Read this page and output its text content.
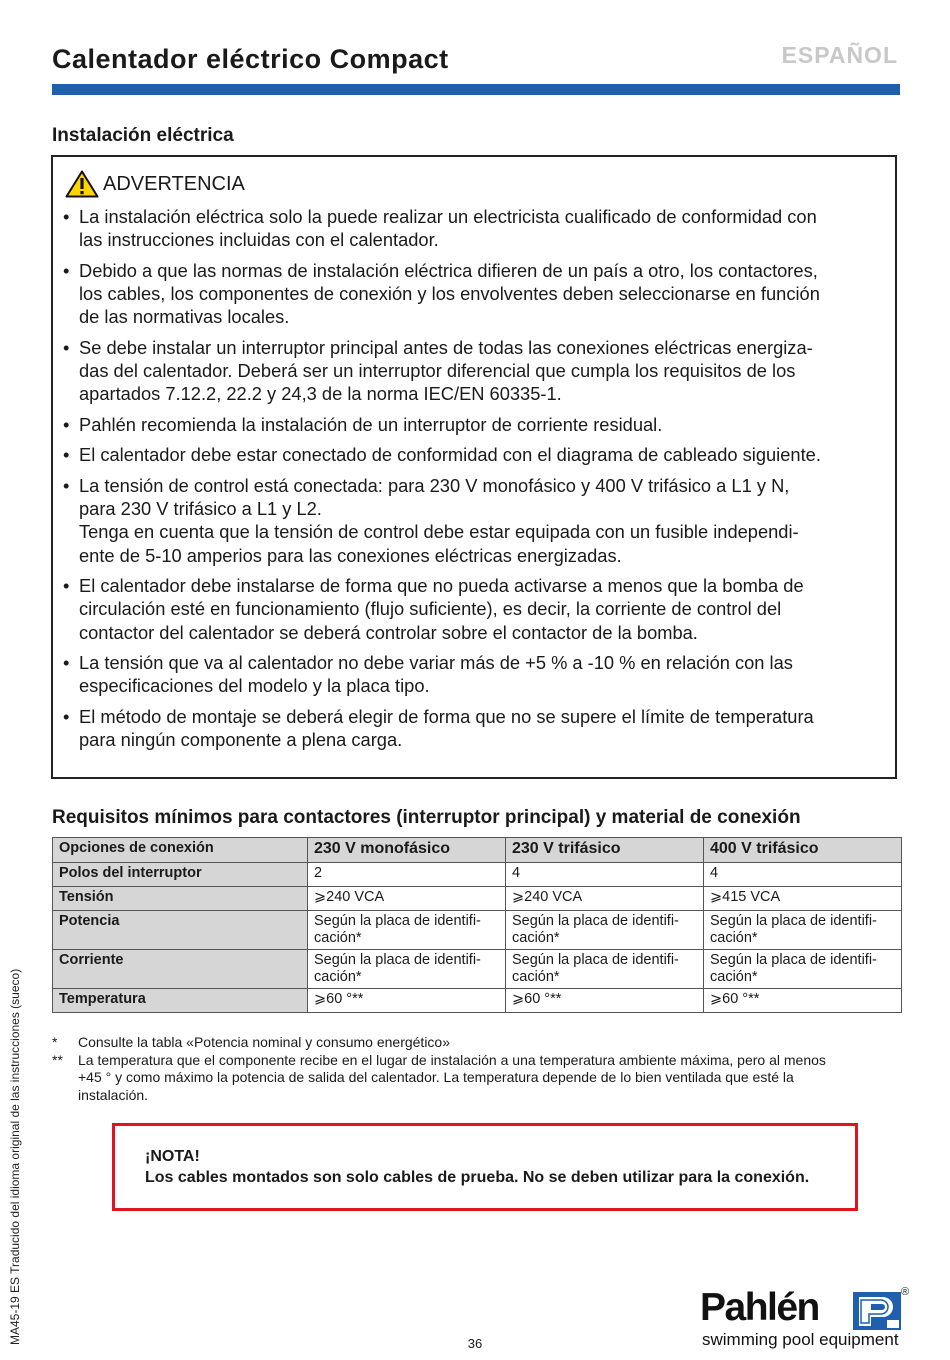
Calentador eléctrico Compact	ESPAÑOL
Instalación eléctrica
ADVERTENCIA
• La instalación eléctrica solo la puede realizar un electricista cualificado de conformidad con
las instrucciones incluidas con el calentador.
• Debido a que las normas de instalación eléctrica difieren de un país a otro, los contactores,
los cables, los componentes de conexión y los envolventes deben seleccionarse en función
de las normativas locales.
• Se debe instalar un interruptor principal antes de todas las conexiones eléctricas energiza-
das del calentador. Deberá ser un interruptor diferencial que cumpla los requisitos de los
apartados 7.12.2, 22.2 y 24,3 de la norma IEC/EN 60335-1.
• Pahlén recomienda la instalación de un interruptor de corriente residual.
• El calentador debe estar conectado de conformidad con el diagrama de cableado siguiente.
• La tensión de control está conectada: para 230 V monofásico y 400 V trifásico a L1 y N,
para 230 V trifásico a L1 y L2.
Tenga en cuenta que la tensión de control debe estar equipada con un fusible independi-
ente de 5-10 amperios para las conexiones eléctricas energizadas.
• El calentador debe instalarse de forma que no pueda activarse a menos que la bomba de
circulación esté en funcionamiento (flujo suficiente), es decir, la corriente de control del
contactor del calentador se deberá controlar sobre el contactor de la bomba.
• La tensión que va al calentador no debe variar más de +5 % a -10 % en relación con las
especificaciones del modelo y la placa tipo.
• El método de montaje se deberá elegir de forma que no se supere el límite de temperatura
para ningún componente a plena carga.
Requisitos mínimos para contactores (interruptor principal) y material de conexión
Opciones de conexión	230 V monofásico	230 V trifásico	400 V trifásico
Polos del interruptor	2	4	4
Tensión	⩾240 VCA	⩾240 VCA	⩾415 VCA
Potencia	Según la placa de identifi-
cación*	Según la placa de identifi-
cación*	Según la placa de identifi-
cación*
Corriente	Según la placa de identifi-
cación*	Según la placa de identifi-
cación*	Según la placa de identifi-
cación*
Temperatura	⩾60 °**	⩾60 °**	⩾60 °**
*	Consulte la tabla «Potencia nominal y consumo energético»
**	La temperatura que el componente recibe en el lugar de instalación a una temperatura ambiente máxima, pero al menos
+45 ° y como máximo la potencia de salida del calentador. La temperatura depende de lo bien ventilada que esté la
instalación.
¡NOTA!
Los cables montados son solo cables de prueba. No se deben utilizar para la conexión.
MA45-19 ES Traducido del idioma original de las instrucciones (sueco)	36
Pahlén
swimming pool equipment
®
